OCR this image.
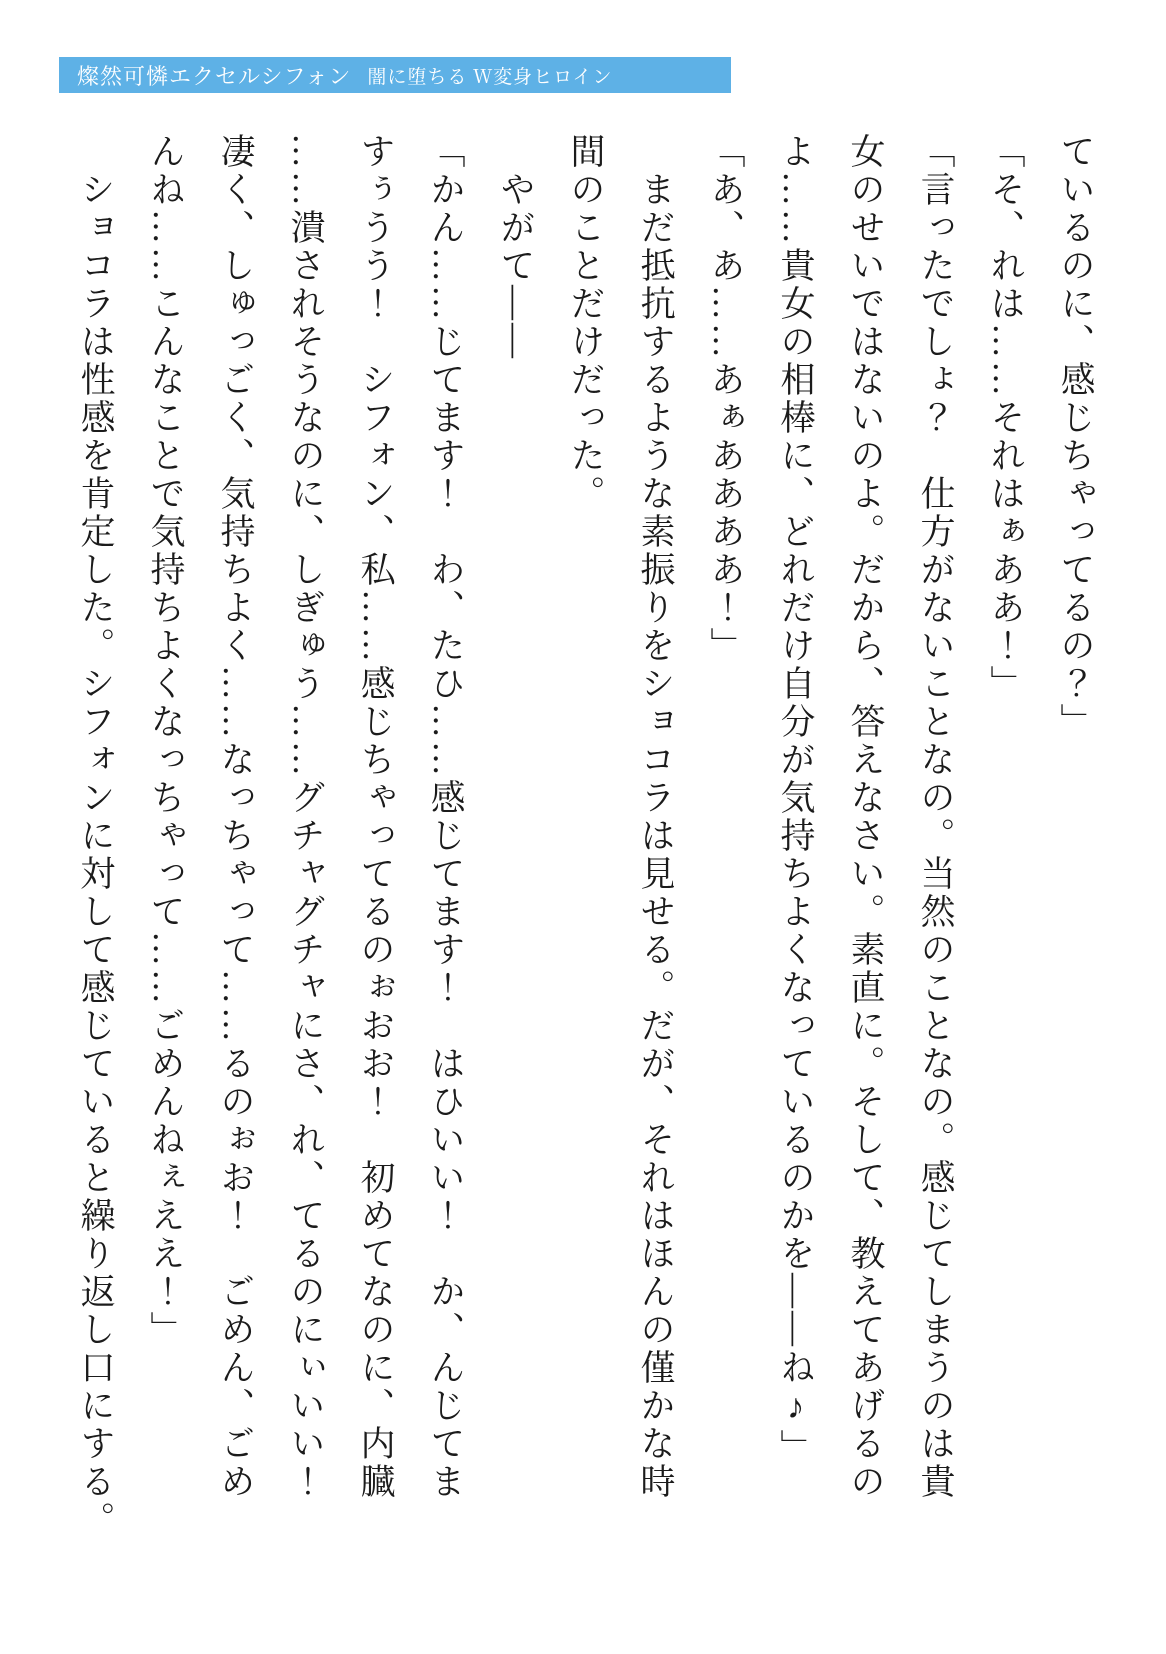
燦然可憐エクセルシフォン 闇に堕ちる Ｗ変身ヒロイン
ているのに、感じちゃってるの？」
「そ、れは……それはぁああ！」
「言ったでしょ？　仕方がないことなの。当然のことなの。感じてしまうのは貴
女のせいではないのよ。だから、答えなさい。素直に。そして、教えてあげるの
よ……貴女の相棒に、どれだけ自分が気持ちよくなっているのかを――ね♪」
「あ、あ……あぁああああ！」
　まだ抵抗するような素振りをショコラは見せる。だが、それはほんの僅かな時
間のことだけだった。
　やがて――
「かん……じてます！　わ、たひ……感じてます！　はひいい！　か、んじてま
すぅうう！　シフォン、私……感じちゃってるのぉおお！　初めてなのに、内臓
……潰されそうなのに、しぎゅう……グチャグチャにさ、れ、てるのにぃいい！
凄く、しゅっごく、気持ちよく……なっちゃって……るのぉお！　ごめん、ごめ
んね……こんなことで気持ちよくなっちゃって……ごめんねぇええ！」
　ショコラは性感を肯定した。シフォンに対して感じていると繰り返し口にする。
